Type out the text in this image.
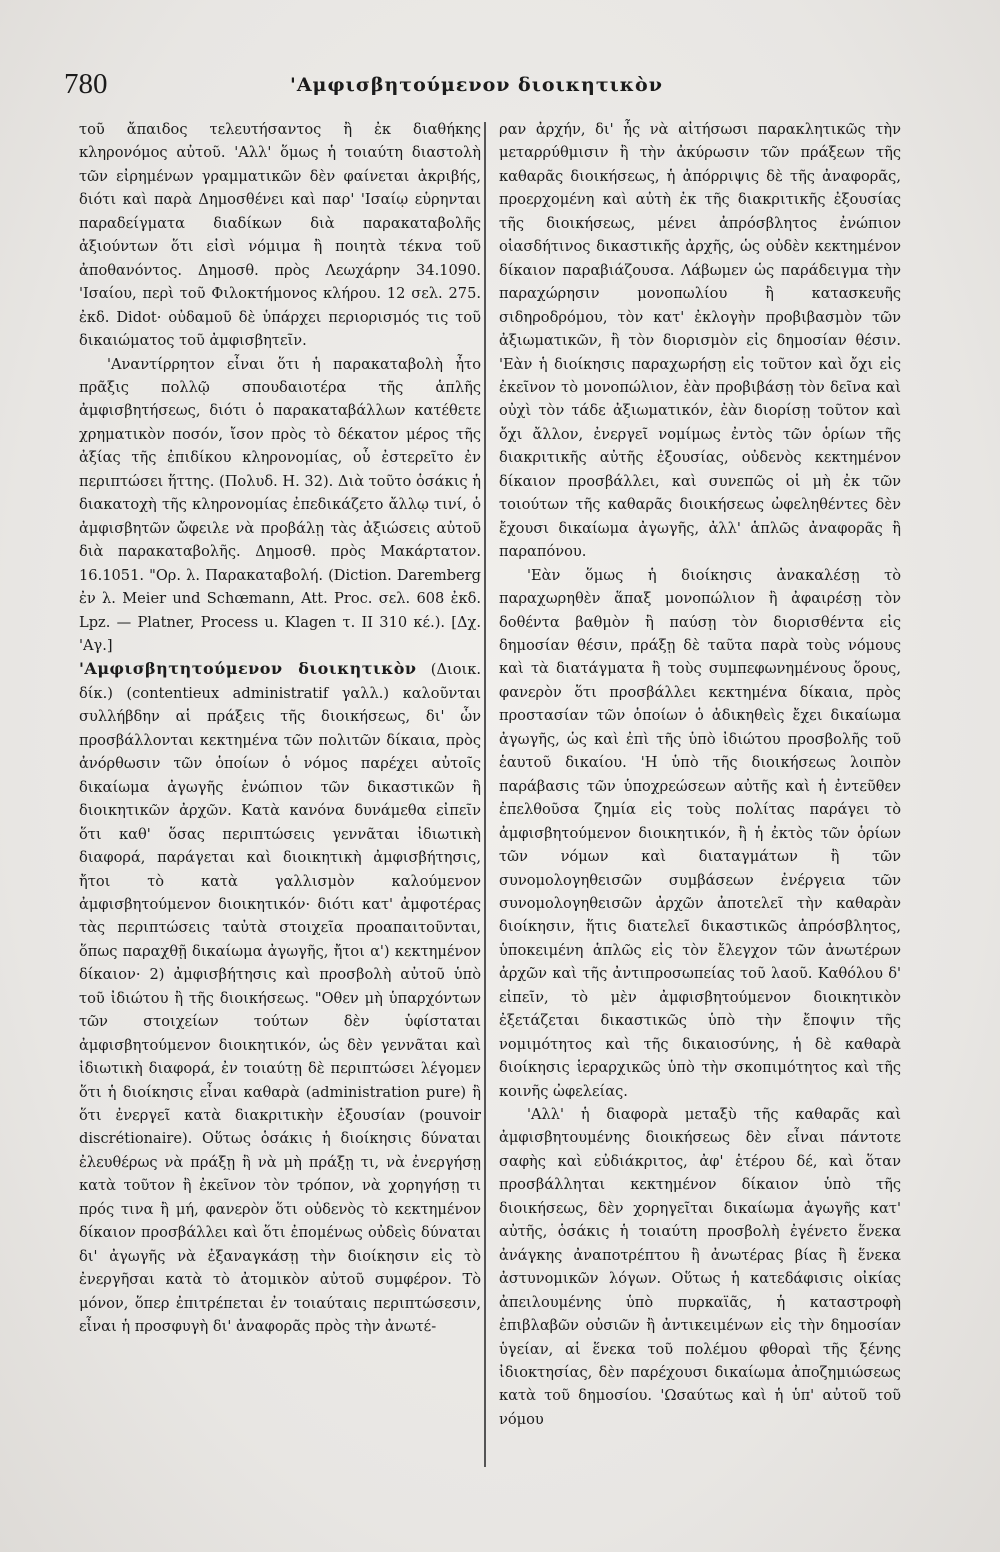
780	'Αμφισβητούμενον διοικητικὸν

τοῦ ἄπαιδος τελευτήσαντος ἢ ἐκ διαθήκης κληρονόμος αὐτοῦ. 'Αλλ' ὅμως ἡ τοιαύτη διαστολὴ τῶν εἰρημένων γραμματικῶν δὲν φαίνεται ἀκριβής, διότι καὶ παρὰ Δημοσθένει καὶ παρ' 'Ισαίῳ εὑρηνται παραδείγματα διαδίκων διὰ παρακαταβολῆς ἀξιούντων ὅτι εἰσὶ νόμιμα ἢ ποιητὰ τέκνα τοῦ ἀποθανόντος. Δημοσθ. πρὸς Λεωχάρην 34.1090. 'Ισαίου, περὶ τοῦ Φιλοκτήμονος κλήρου. 12 σελ. 275. ἐκδ. Didot· οὐδαμοῦ δὲ ὑπάρχει περιορισμός τις τοῦ δικαιώματος τοῦ ἀμφισβητεῖν.

'Αναντίρρητον εἶναι ὅτι ἡ παρακαταβολὴ ἦτο πρᾶξις πολλῷ σπουδαιοτέρα τῆς ἁπλῆς ἀμφισβητήσεως, διότι ὁ παρακαταβάλλων κατέθετε χρηματικὸν ποσόν, ἴσον πρὸς τὸ δέκατον μέρος τῆς ἀξίας τῆς ἐπιδίκου κληρονομίας, οὗ ἐστερεῖτο ἐν περιπτώσει ἥττης. (Πολυδ. Η. 32). Διὰ τοῦτο ὁσάκις ἡ διακατοχὴ τῆς κληρονομίας ἐπεδικάζετο ἄλλῳ τινί, ὁ ἀμφισβητῶν ὤφειλε νὰ προβάλῃ τὰς ἀξιώσεις αὐτοῦ διὰ παρακαταβολῆς. Δημοσθ. πρὸς Μακάρτατον. 16.1051. "Ορ. λ. Παρακαταβολή. (Diction. Daremberg ἐν λ. Meier und Schœmann, Att. Proc. σελ. 608 ἐκδ. Lpz. — Platner, Process u. Klagen τ. II 310 κέ.). [Δχ. 'Αγ.]

'Αμφισβητητούμενον διοικητικὸν (Διοικ. δίκ.) (contentieux administratif γαλλ.) καλοῦνται συλλήβδην αἱ πράξεις τῆς διοικήσεως, δι' ὧν προσβάλλονται κεκτημένα τῶν πολιτῶν δίκαια, πρὸς ἀνόρθωσιν τῶν ὁποίων ὁ νόμος παρέχει αὐτοῖς δικαίωμα ἀγωγῆς ἐνώπιον τῶν δικαστικῶν ἢ διοικητικῶν ἀρχῶν. Κατὰ κανόνα δυνάμεθα εἰπεῖν ὅτι καθ' ὅσας περιπτώσεις γεννᾶται ἰδιωτικὴ διαφορά, παράγεται καὶ διοικητικὴ ἀμφισβήτησις, ἤτοι τὸ κατὰ γαλλισμὸν καλούμενον ἀμφισβητούμενον διοικητικόν· διότι κατ' ἀμφοτέρας τὰς περιπτώσεις ταὐτὰ στοιχεῖα προαπαιτοῦνται, ὅπως παραχθῇ δικαίωμα ἀγωγῆς, ἤτοι α') κεκτημένον δίκαιον· 2) ἀμφισβήτησις καὶ προσβολὴ αὐτοῦ ὑπὸ τοῦ ἰδιώτου ἢ τῆς διοικήσεως. "Οθεν μὴ ὑπαρχόντων τῶν στοιχείων τούτων δὲν ὑφίσταται ἀμφισβητούμενον διοικητικόν, ὡς δὲν γεννᾶται καὶ ἰδιωτικὴ διαφορά, ἐν τοιαύτῃ δὲ περιπτώσει λέγομεν ὅτι ἡ διοίκησις εἶναι καθαρὰ (administration pure) ἢ ὅτι ἐνεργεῖ κατὰ διακριτικὴν ἐξουσίαν (pouvoir discrétionaire). Οὕτως ὁσάκις ἡ διοίκησις δύναται ἐλευθέρως νὰ πράξῃ ἢ νὰ μὴ πράξῃ τι, νὰ ἐνεργήσῃ κατὰ τοῦτον ἢ ἐκεῖνον τὸν τρόπον, νὰ χορηγήσῃ τι πρός τινα ἢ μή, φανερὸν ὅτι οὐδενὸς τὸ κεκτημένον δίκαιον προσβάλλει καὶ ὅτι ἐπομένως οὐδεὶς δύναται δι' ἀγωγῆς νὰ ἐξαναγκάσῃ τὴν διοίκησιν εἰς τὸ ἐνεργῆσαι κατὰ τὸ ἀτομικὸν αὐτοῦ συμφέρον. Τὸ μόνον, ὅπερ ἐπιτρέπεται ἐν τοιαύταις περιπτώσεσιν, εἶναι ἡ προσφυγὴ δι' ἀναφορᾶς πρὸς τὴν ἀνωτέ-

ραν ἀρχήν, δι' ἧς νὰ αἰτήσωσι παρακλητικῶς τὴν μεταρρύθμισιν ἢ τὴν ἀκύρωσιν τῶν πράξεων τῆς καθαρᾶς διοικήσεως, ἡ ἀπόρριψις δὲ τῆς ἀναφορᾶς, προερχομένη καὶ αὐτὴ ἐκ τῆς διακριτικῆς ἐξουσίας τῆς διοικήσεως, μένει ἀπρόσβλητος ἐνώπιον οἱασδήτινος δικαστικῆς ἀρχῆς, ὡς οὐδὲν κεκτημένον δίκαιον παραβιάζουσα. Λάβωμεν ὡς παράδειγμα τὴν παραχώρησιν μονοπωλίου ἢ κατασκευῆς σιδηροδρόμου, τὸν κατ' ἐκλογὴν προβιβασμὸν τῶν ἀξιωματικῶν, ἢ τὸν διορισμὸν εἰς δημοσίαν θέσιν. 'Εὰν ἡ διοίκησις παραχωρήσῃ εἰς τοῦτον καὶ ὄχι εἰς ἐκεῖνον τὸ μονοπώλιον, ἐὰν προβιβάσῃ τὸν δεῖνα καὶ οὐχὶ τὸν τάδε ἀξιωματικόν, ἐὰν διορίσῃ τοῦτον καὶ ὄχι ἄλλον, ἐνεργεῖ νομίμως ἐντὸς τῶν ὁρίων τῆς διακριτικῆς αὐτῆς ἐξουσίας, οὐδενὸς κεκτημένον δίκαιον προσβάλλει, καὶ συνεπῶς οἱ μὴ ἐκ τῶν τοιούτων τῆς καθαρᾶς διοικήσεως ὠφεληθέντες δὲν ἔχουσι δικαίωμα ἀγωγῆς, ἀλλ' ἁπλῶς ἀναφορᾶς ἢ παραπόνου.

'Εὰν ὅμως ἡ διοίκησις ἀνακαλέσῃ τὸ παραχωρηθὲν ἅπαξ μονοπώλιον ἢ ἀφαιρέσῃ τὸν δοθέντα βαθμὸν ἢ παύσῃ τὸν διορισθέντα εἰς δημοσίαν θέσιν, πράξῃ δὲ ταῦτα παρὰ τοὺς νόμους καὶ τὰ διατάγματα ἢ τοὺς συμπεφωνημένους ὅρους, φανερὸν ὅτι προσβάλλει κεκτημένα δίκαια, πρὸς προστασίαν τῶν ὁποίων ὁ ἀδικηθεὶς ἔχει δικαίωμα ἀγωγῆς, ὡς καὶ ἐπὶ τῆς ὑπὸ ἰδιώτου προσβολῆς τοῦ ἑαυτοῦ δικαίου. 'Η ὑπὸ τῆς διοικήσεως λοιπὸν παράβασις τῶν ὑποχρεώσεων αὐτῆς καὶ ἡ ἐντεῦθεν ἐπελθοῦσα ζημία εἰς τοὺς πολίτας παράγει τὸ ἀμφισβητούμενον διοικητικόν, ἢ ἡ ἐκτὸς τῶν ὁρίων τῶν νόμων καὶ διαταγμάτων ἢ τῶν συνομολογηθεισῶν συμβάσεων ἐνέργεια τῶν συνομολογηθεισῶν ἀρχῶν ἀποτελεῖ τὴν καθαρὰν διοίκησιν, ἥτις διατελεῖ δικαστικῶς ἀπρόσβλητος, ὑποκειμένη ἁπλῶς εἰς τὸν ἔλεγχον τῶν ἀνωτέρων ἀρχῶν καὶ τῆς ἀντιπροσωπείας τοῦ λαοῦ. Καθόλου δ' εἰπεῖν, τὸ μὲν ἀμφισβητούμενον διοικητικὸν ἐξετάζεται δικαστικῶς ὑπὸ τὴν ἔποψιν τῆς νομιμότητος καὶ τῆς δικαιοσύνης, ἡ δὲ καθαρὰ διοίκησις ἱεραρχικῶς ὑπὸ τὴν σκοπιμότητος καὶ τῆς κοινῆς ὠφελείας.

'Αλλ' ἡ διαφορὰ μεταξὺ τῆς καθαρᾶς καὶ ἀμφισβητουμένης διοικήσεως δὲν εἶναι πάντοτε σαφὴς καὶ εὐδιάκριτος, ἀφ' ἑτέρου δέ, καὶ ὅταν προσβάλληται κεκτημένον δίκαιον ὑπὸ τῆς διοικήσεως, δὲν χορηγεῖται δικαίωμα ἀγωγῆς κατ' αὐτῆς, ὁσάκις ἡ τοιαύτη προσβολὴ ἐγένετο ἕνεκα ἀνάγκης ἀναποτρέπτου ἢ ἀνωτέρας βίας ἢ ἕνεκα ἀστυνομικῶν λόγων. Οὕτως ἡ κατεδάφισις οἰκίας ἀπειλουμένης ὑπὸ πυρκαϊᾶς, ἡ καταστροφὴ ἐπιβλαβῶν οὐσιῶν ἢ ἀντικειμένων εἰς τὴν δημοσίαν ὑγείαν, αἱ ἕνεκα τοῦ πολέμου φθοραὶ τῆς ξένης ἰδιοκτησίας, δὲν παρέχουσι δικαίωμα ἀποζημιώσεως κατὰ τοῦ δημοσίου. 'Ωσαύτως καὶ ἡ ὑπ' αὐτοῦ τοῦ νόμου
